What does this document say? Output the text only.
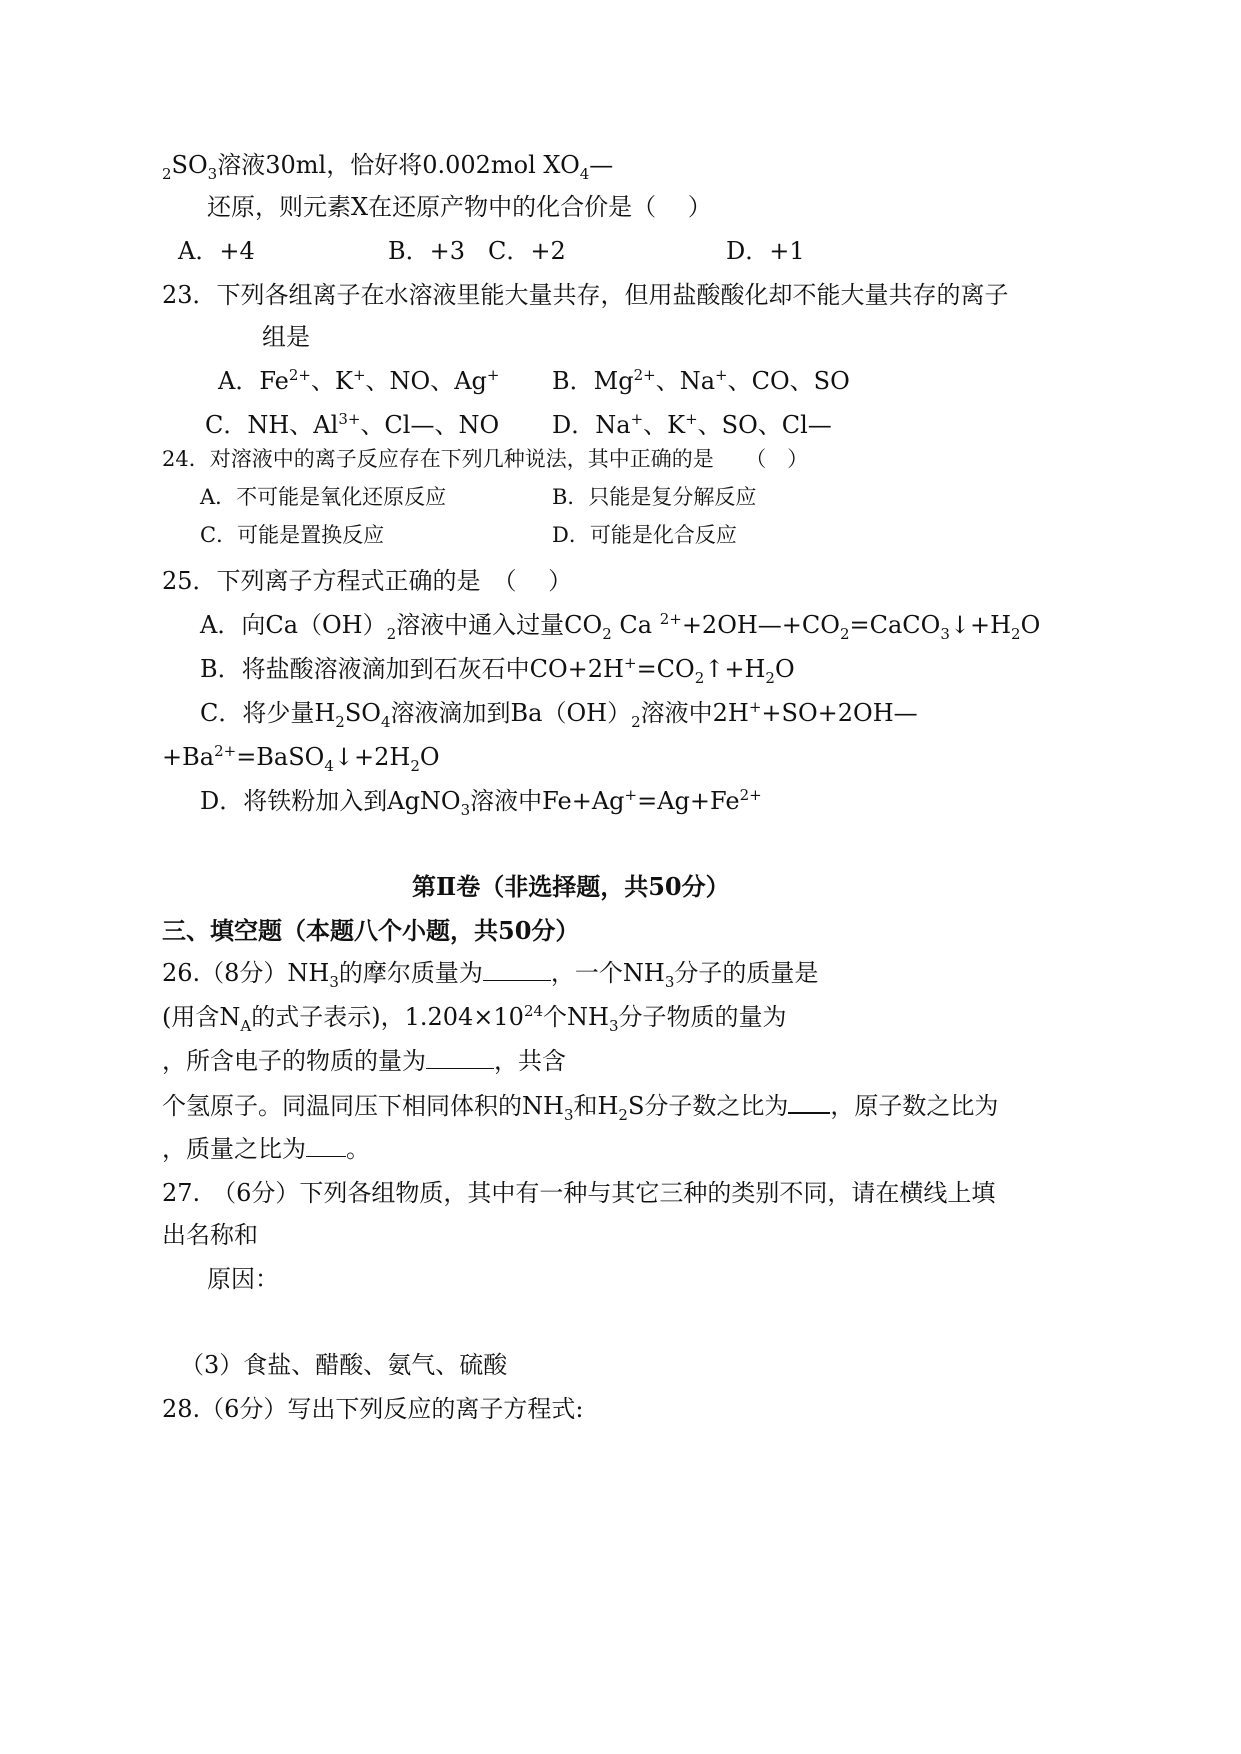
$_2SO_3$溶液30ml，恰好将0.002mol $XO_4—$
还原，则元素X在还原产物中的化合价是（　 ）
A．+4	B．+3 C．+2	D．+1
23．下列各组离子在水溶液里能大量共存，但用盐酸酸化却不能大量共存的离子
组是
A．$Fe^{2+}$、K+、NO、Ag+ B．$Mg^{2+}$、Na+、CO、SO
C．NH、$Al^{3+}$、Cl—、NO D．Na+、K+、SO、Cl—
24．对溶液中的离子反应存在下列几种说法，其中正确的是　　（　）
A．不可能是氧化还原反应	B．只能是复分解反应
C．可能是置换反应	D．可能是化合反应
25．下列离子方程式正确的是　（　 ）
A．向$Ca(OH)_2$溶液中通入过量$CO_2$ Ca $^{2+}+2OH—+CO_2=CaCO_3↓+H_2O$
B．将盐酸溶液滴加到石灰石中$CO+2H^+=CO_2↑+H_2O$
C．将少量$H_2SO_4$溶液滴加到$Ba(OH)_2$溶液中2H++SO+2OH—
$+Ba^{2+}=BaSO_4↓+2H_2O$
D．将铁粉加入到AgNO$_3$溶液中$Fe+Ag^+=Ag+Fe^{2+}$
第Ⅱ卷（非选择题，共50分）
三、填空题（本题八个小题，共50分）
26.（8分）$NH_3$的摩尔质量为	，一个$NH_3$分子的质量是
(用含$N_A$的式子表示)，$1.204\times 10^{24}$个$NH_3$分子物质的量为
，所含电子的物质的量为	，共含
个氢原子。同温同压下相同体积的$NH_3$和$H_2S$分子数之比为 ，原子数之比为
，质量之比为 。
27.　（6分）下列各组物质，其中有一种与其它三种的类别不同，请在横线上填
出名称和
原因：
（3）食盐、醋酸、氨气、硫酸
28.（6分）写出下列反应的离子方程式:
